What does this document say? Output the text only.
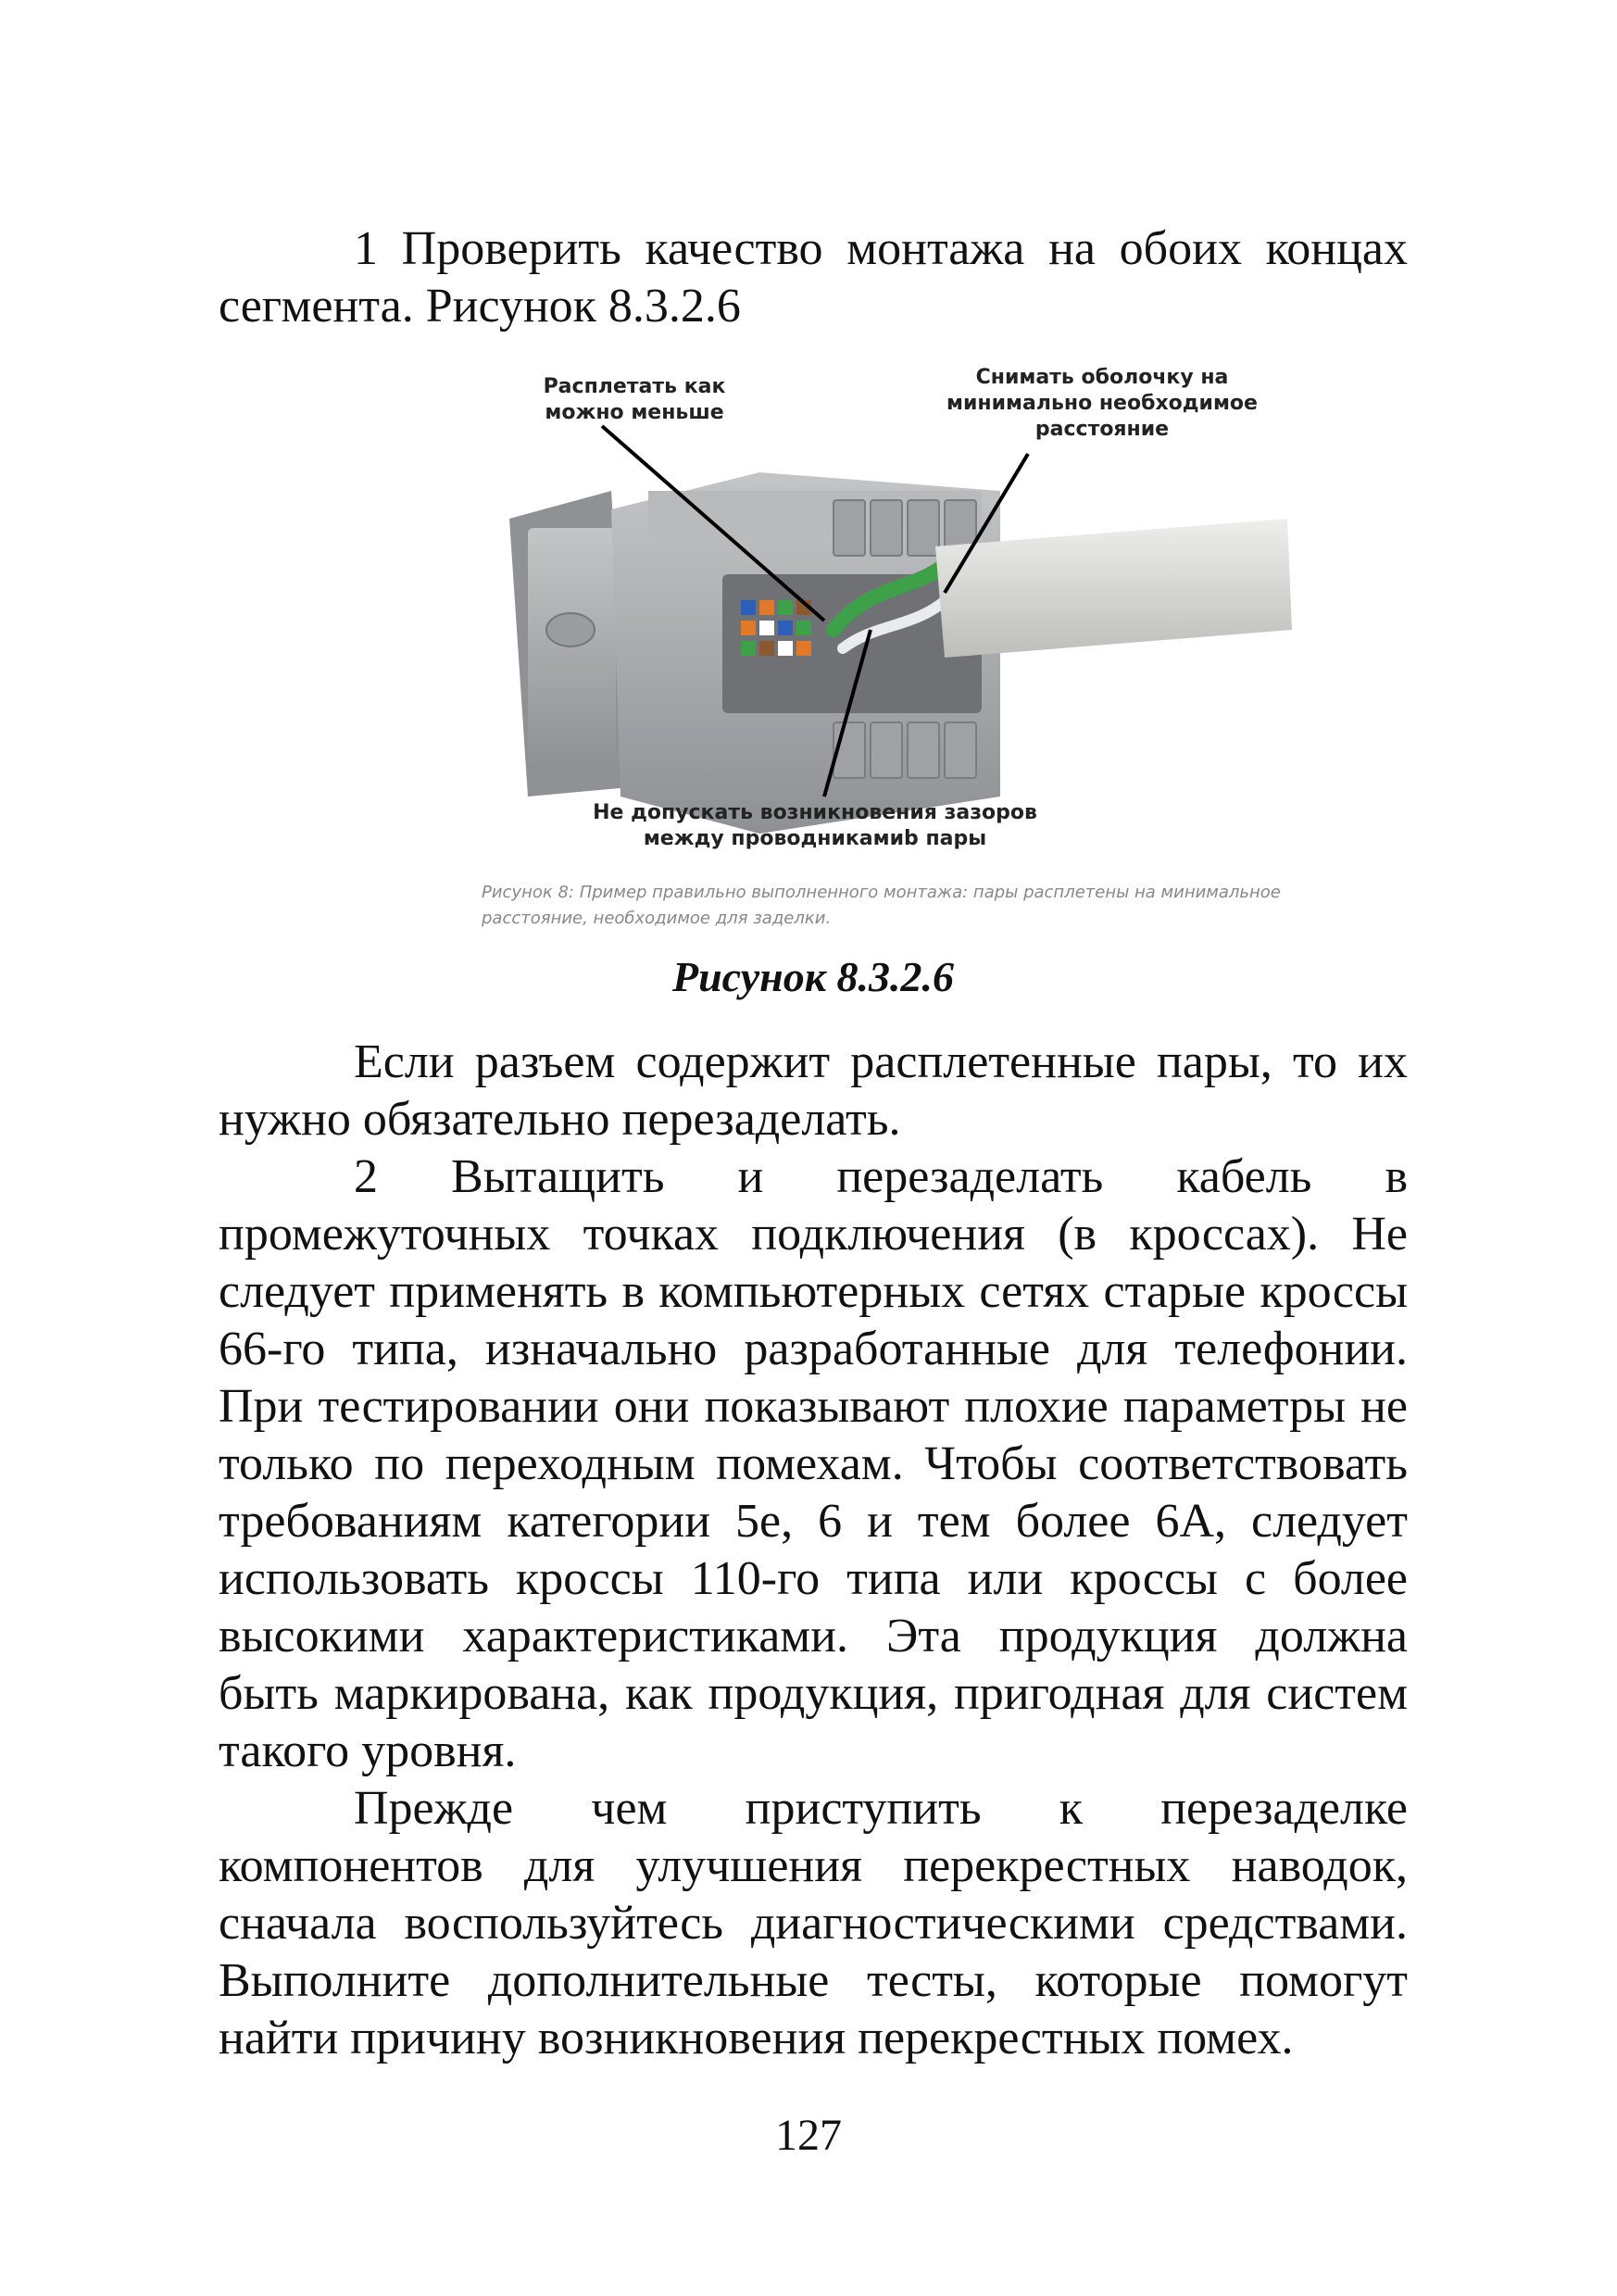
1 Проверить качество монтажа на обоих концах сегмента. Рисунок 8.3.2.6

Расплетать как можно меньше
Снимать оболочку на минимально необходимое расстояние
Не допускать возникновения зазоров между проводникамиb пары
Рисунок 8: Пример правильно выполненного монтажа: пары расплетены на минимальное расстояние, необходимое для заделки.
Рисунок 8.3.2.6

Если разъем содержит расплетенные пары, то их нужно обязательно перезаделать.

2 Вытащить и перезаделать кабель в промежуточных точках подключения (в кроссах). Не следует применять в компьютерных сетях старые кроссы 66-го типа, изначально разработанные для телефонии. При тестировании они показывают плохие параметры не только по переходным помехам. Чтобы соответствовать требованиям категории 5е, 6 и тем более 6А, следует использовать кроссы 110-го типа или кроссы с более высокими характеристиками. Эта продукция должна быть маркирована, как продукция, пригодная для систем такого уровня.

Прежде чем приступить к перезаделке компонентов для улучшения перекрестных наводок, сначала воспользуйтесь диагностическими средствами. Выполните дополнительные тесты, которые помогут найти причину возникновения перекрестных помех.

127
